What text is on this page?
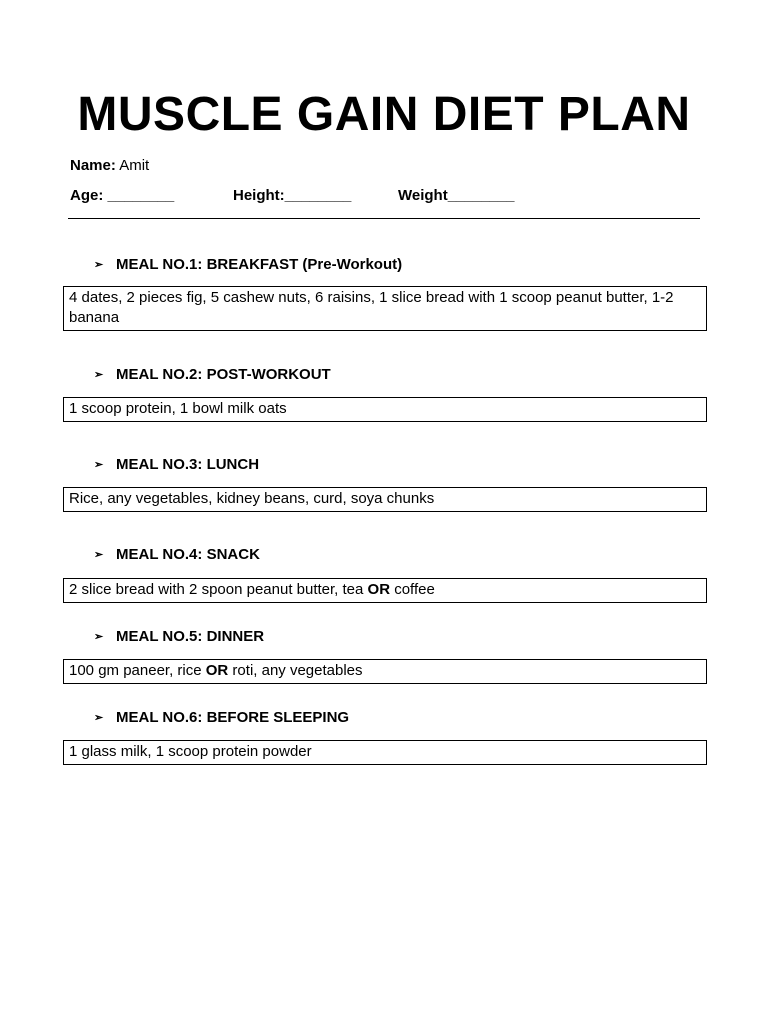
MUSCLE GAIN DIET PLAN
Name: Amit
Age: ________	Height:________	Weight________
➢ MEAL NO.1: BREAKFAST (Pre-Workout)
4 dates, 2 pieces fig, 5 cashew nuts, 6 raisins, 1 slice bread with 1 scoop peanut butter, 1-2 banana
➢ MEAL NO.2: POST-WORKOUT
1 scoop protein, 1 bowl milk oats
➢ MEAL NO.3: LUNCH
Rice, any vegetables, kidney beans, curd, soya chunks
➢ MEAL NO.4: SNACK
2 slice bread with 2 spoon peanut butter, tea OR coffee
➢ MEAL NO.5: DINNER
100 gm paneer, rice OR roti, any vegetables
➢ MEAL NO.6: BEFORE SLEEPING
1 glass milk, 1 scoop protein powder
